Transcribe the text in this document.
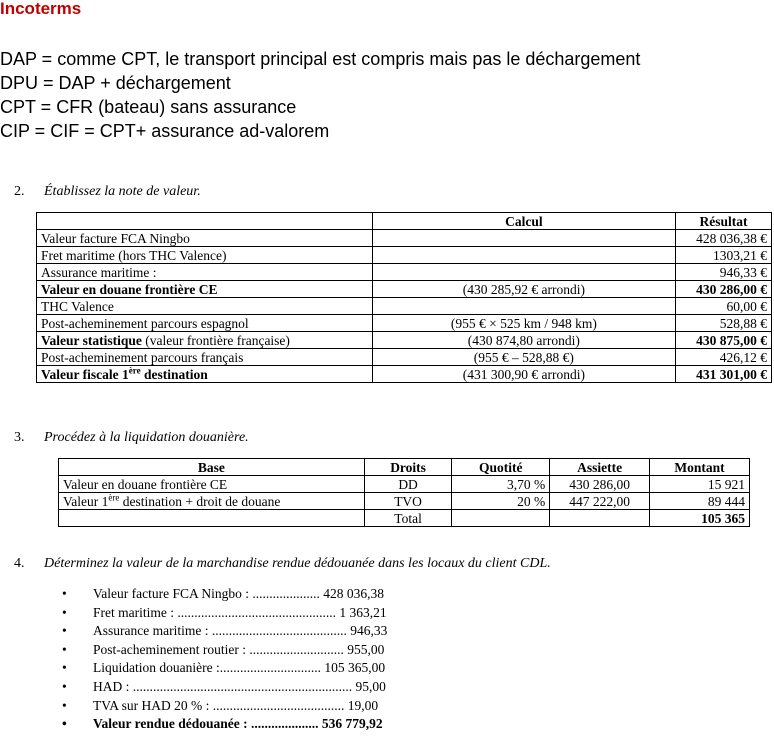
Incoterms
DAP = comme CPT, le transport principal est compris mais pas le déchargement
DPU = DAP + déchargement
CPT = CFR (bateau) sans assurance
CIP = CIF = CPT+ assurance ad-valorem
2. Établissez la note de valeur.
	Calcul	Résultat
Valeur facture FCA Ningbo		428 036,38 €
Fret maritime (hors THC Valence)		1303,21 €
Assurance maritime :		946,33 €
Valeur en douane frontière CE	(430 285,92 € arrondi)	430 286,00 €
THC Valence		60,00 €
Post-acheminement parcours espagnol	(955 € × 525 km / 948 km)	528,88 €
Valeur statistique (valeur frontière française)	(430 874,80 arrondi)	430 875,00 €
Post-acheminement parcours français	(955 € – 528,88 €)	426,12 €
Valeur fiscale 1ère destination	(431 300,90 € arrondi)	431 301,00 €
3. Procédez à la liquidation douanière.
Base	Droits	Quotité	Assiette	Montant
Valeur en douane frontière CE	DD	3,70 %	430 286,00	15 921
Valeur 1ère destination + droit de douane	TVO	20 %	447 222,00	89 444
	Total			105 365
4. Déterminez la valeur de la marchandise rendue dédouanée dans les locaux du client CDL.
• Valeur facture FCA Ningbo : .................... 428 036,38
• Fret maritime : ............................................... 1 363,21
• Assurance maritime : ........................................ 946,33
• Post-acheminement routier : ............................ 955,00
• Liquidation douanière :.............................. 105 365,00
• HAD : ................................................................. 95,00
• TVA sur HAD 20 % : ....................................... 19,00
• Valeur rendue dédouanée : .................... 536 779,92
